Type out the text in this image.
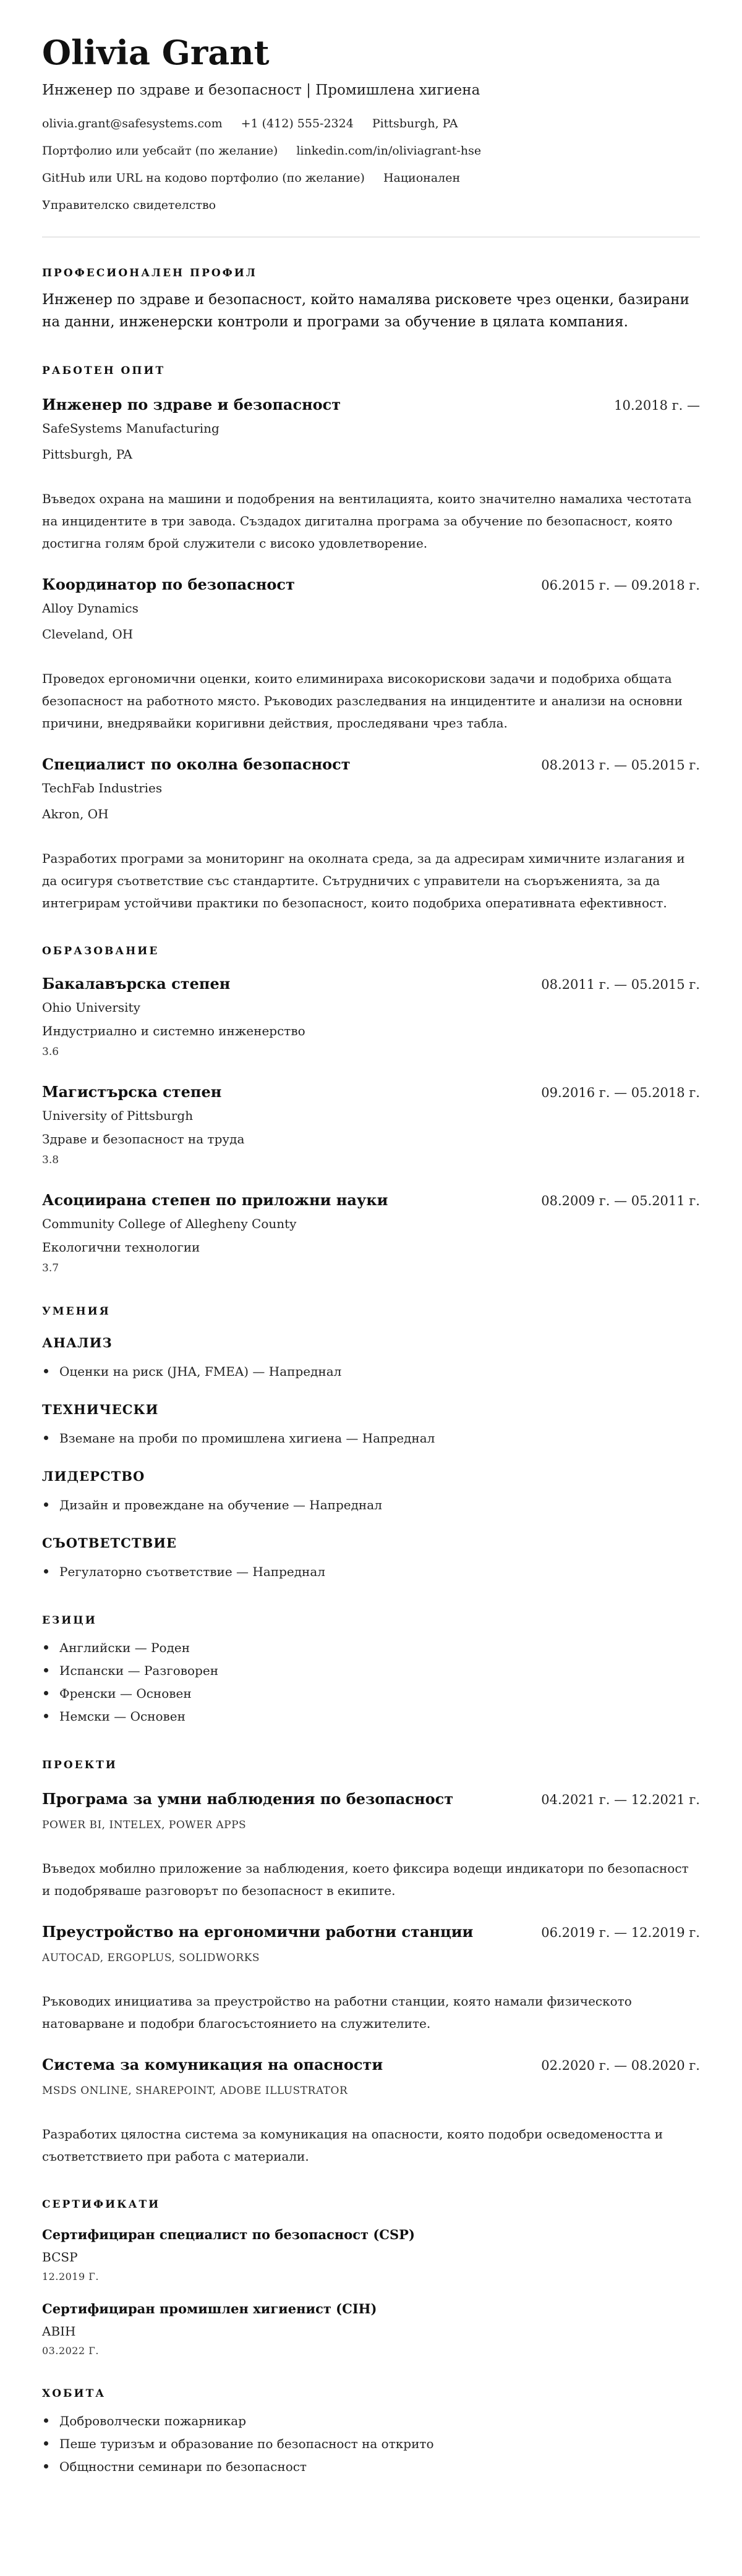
Olivia Grant
Инженер по здраве и безопасност | Промишлена хигиена
olivia.grant@safesystems.com +1 (412) 555-2324 Pittsburgh, PA
Портфолио или уебсайт (по желание) linkedin.com/in/oliviagrant-hse
GitHub или URL на кодово портфолио (по желание) Национален
Управителско свидетелство
ПРОФЕСИОНАЛЕН ПРОФИЛ
Инженер по здраве и безопасност, който намалява рисковете чрез оценки, базирани на данни, инженерски контроли и програми за обучение в цялата компания.
РАБОТЕН ОПИТ
Инженер по здраве и безопасност	10.2018 г. —
SafeSystems Manufacturing
Pittsburgh, PA
Въведох охрана на машини и подобрения на вентилацията, които значително намалиха честотата на инцидентите в три завода. Създадох дигитална програма за обучение по безопасност, която достигна голям брой служители с високо удовлетворение.
Координатор по безопасност	06.2015 г. — 09.2018 г.
Alloy Dynamics
Cleveland, OH
Проведох ергономични оценки, които елиминираха високорискови задачи и подобриха общата безопасност на работното място. Ръководих разследвания на инцидентите и анализи на основни причини, внедрявайки коригивни действия, проследявани чрез табла.
Специалист по околна безопасност	08.2013 г. — 05.2015 г.
TechFab Industries
Akron, OH
Разработих програми за мониторинг на околната среда, за да адресирам химичните излагания и да осигуря съответствие със стандартите. Сътрудничих с управители на съоръженията, за да интегрирам устойчиви практики по безопасност, които подобриха оперативната ефективност.
ОБРАЗОВАНИЕ
Бакалавърска степен	08.2011 г. — 05.2015 г.
Ohio University
Индустриално и системно инженерство
3.6
Магистърска степен	09.2016 г. — 05.2018 г.
University of Pittsburgh
Здраве и безопасност на труда
3.8
Асоциирана степен по приложни науки	08.2009 г. — 05.2011 г.
Community College of Allegheny County
Екологични технологии
3.7
УМЕНИЯ
АНАЛИЗ
Оценки на риск (JHA, FMEA) — Напреднал
ТЕХНИЧЕСКИ
Вземане на проби по промишлена хигиена — Напреднал
ЛИДЕРСТВО
Дизайн и провеждане на обучение — Напреднал
СЪОТВЕТСТВИЕ
Регулаторно съответствие — Напреднал
ЕЗИЦИ
Английски — Роден
Испански — Разговорен
Френски — Основен
Немски — Основен
ПРОЕКТИ
Програма за умни наблюдения по безопасност	04.2021 г. — 12.2021 г.
POWER BI, INTELEX, POWER APPS
Въведох мобилно приложение за наблюдения, което фиксира водещи индикатори по безопасност и подобряваше разговорът по безопасност в екипите.
Преустройство на ергономични работни станции	06.2019 г. — 12.2019 г.
AUTOCAD, ERGOPLUS, SOLIDWORKS
Ръководих инициатива за преустройство на работни станции, която намали физическото натоварване и подобри благосъстоянието на служителите.
Система за комуникация на опасности	02.2020 г. — 08.2020 г.
MSDS ONLINE, SHAREPOINT, ADOBE ILLUSTRATOR
Разработих цялостна система за комуникация на опасности, която подобри осведомеността и съответствието при работа с материали.
СЕРТИФИКАТИ
Сертифициран специалист по безопасност (CSP)
BCSP
12.2019 Г.
Сертифициран промишлен хигиенист (CIH)
ABIH
03.2022 Г.
ХОБИТА
Доброволчески пожарникар
Пеше туризъм и образование по безопасност на открито
Общностни семинари по безопасност
